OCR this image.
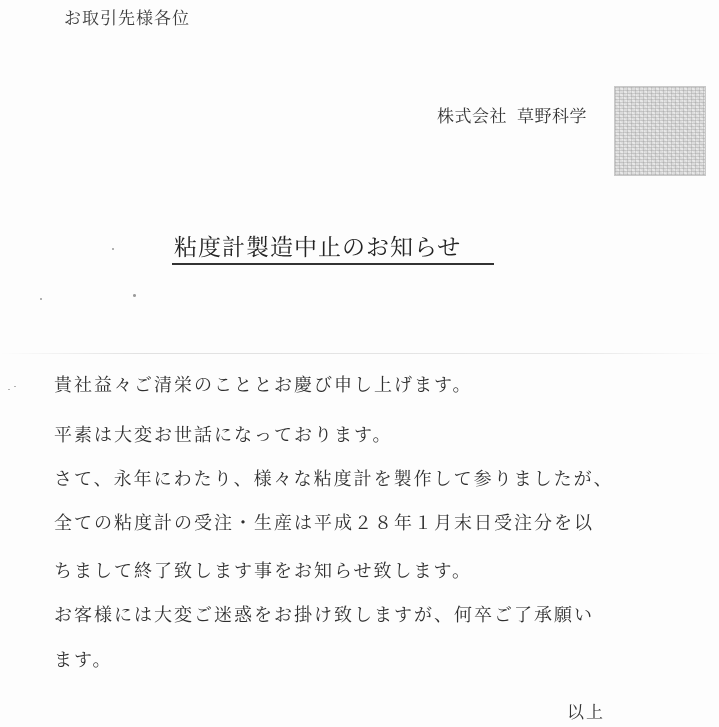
お取引先様各位
株式会社 草野科学
粘度計製造中止のお知らせ
貴社益々ご清栄のこととお慶び申し上げます。
平素は大変お世話になっております。
さて、永年にわたり、様々な粘度計を製作して参りましたが、
全ての粘度計の受注・生産は平成２８年１月末日受注分を以
ちまして終了致します事をお知らせ致します。
お客様には大変ご迷惑をお掛け致しますが、何卒ご了承願い
ます。
以上
